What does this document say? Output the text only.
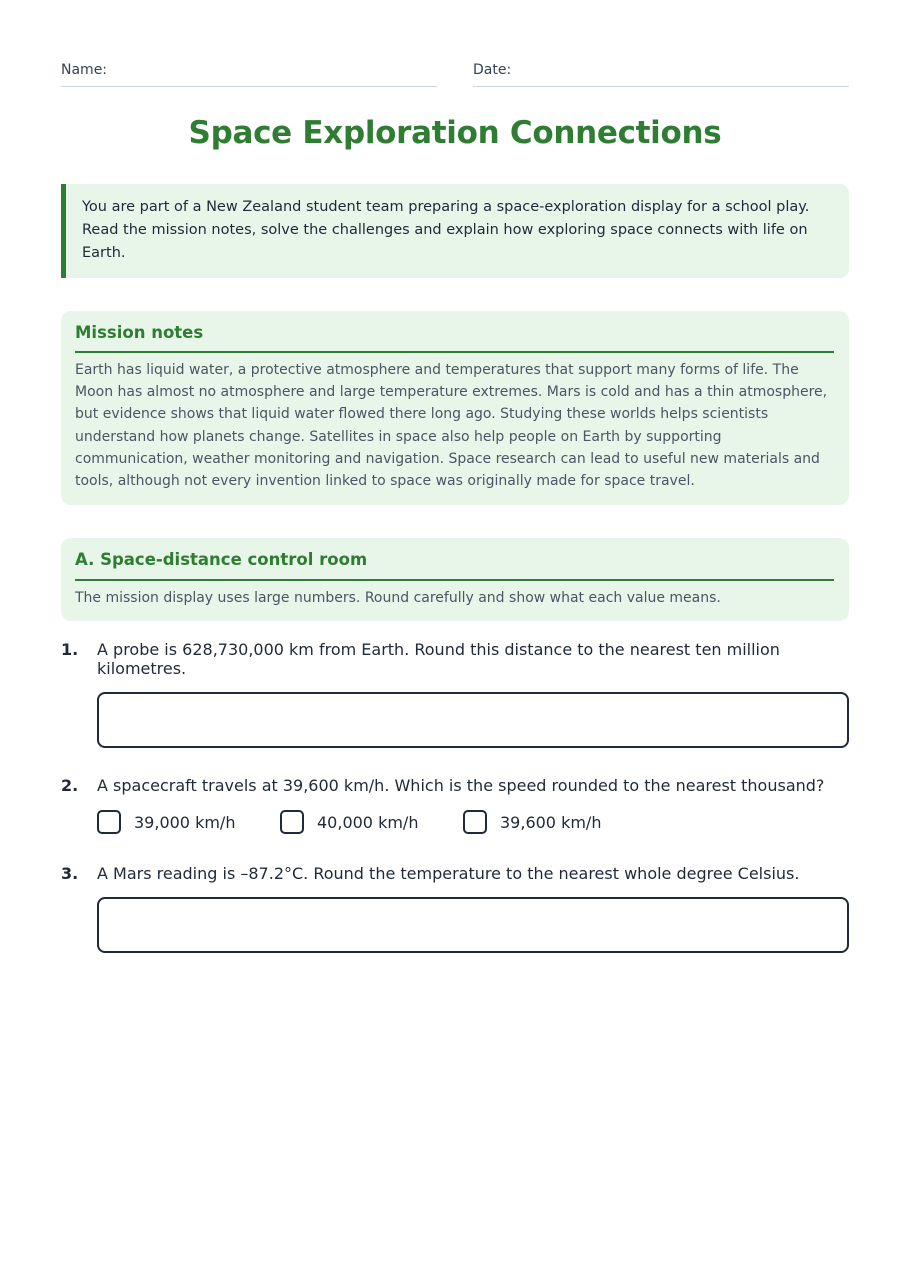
Name:	Date:
Space Exploration Connections
You are part of a New Zealand student team preparing a space-exploration display for a school play. Read the mission notes, solve the challenges and explain how exploring space connects with life on Earth.
Mission notes
Earth has liquid water, a protective atmosphere and temperatures that support many forms of life. The Moon has almost no atmosphere and large temperature extremes. Mars is cold and has a thin atmosphere, but evidence shows that liquid water flowed there long ago. Studying these worlds helps scientists understand how planets change. Satellites in space also help people on Earth by supporting communication, weather monitoring and navigation. Space research can lead to useful new materials and tools, although not every invention linked to space was originally made for space travel.
A. Space-distance control room
The mission display uses large numbers. Round carefully and show what each value means.
1.	A probe is 628,730,000 km from Earth. Round this distance to the nearest ten million kilometres.
2.	A spacecraft travels at 39,600 km/h. Which is the speed rounded to the nearest thousand?
39,000 km/h	40,000 km/h	39,600 km/h
3.	A Mars reading is –87.2°C. Round the temperature to the nearest whole degree Celsius.
